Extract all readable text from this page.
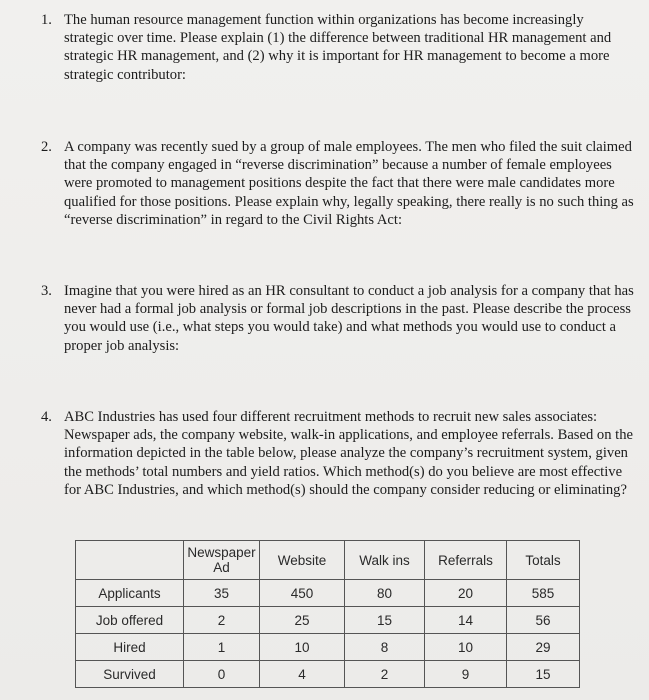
1. The human resource management function within organizations has become increasingly strategic over time. Please explain (1) the difference between traditional HR management and strategic HR management, and (2) why it is important for HR management to become a more strategic contributor:
2. A company was recently sued by a group of male employees. The men who filed the suit claimed that the company engaged in “reverse discrimination” because a number of female employees were promoted to management positions despite the fact that there were male candidates more qualified for those positions. Please explain why, legally speaking, there really is no such thing as “reverse discrimination” in regard to the Civil Rights Act:
3. Imagine that you were hired as an HR consultant to conduct a job analysis for a company that has never had a formal job analysis or formal job descriptions in the past. Please describe the process you would use (i.e., what steps you would take) and what methods you would use to conduct a proper job analysis:
4. ABC Industries has used four different recruitment methods to recruit new sales associates: Newspaper ads, the company website, walk-in applications, and employee referrals. Based on the information depicted in the table below, please analyze the company’s recruitment system, given the methods’ total numbers and yield ratios. Which method(s) do you believe are most effective for ABC Industries, and which method(s) should the company consider reducing or eliminating?
	Newspaper Ad	Website	Walk ins	Referrals	Totals
Applicants	35	450	80	20	585
Job offered	2	25	15	14	56
Hired	1	10	8	10	29
Survived	0	4	2	9	15
